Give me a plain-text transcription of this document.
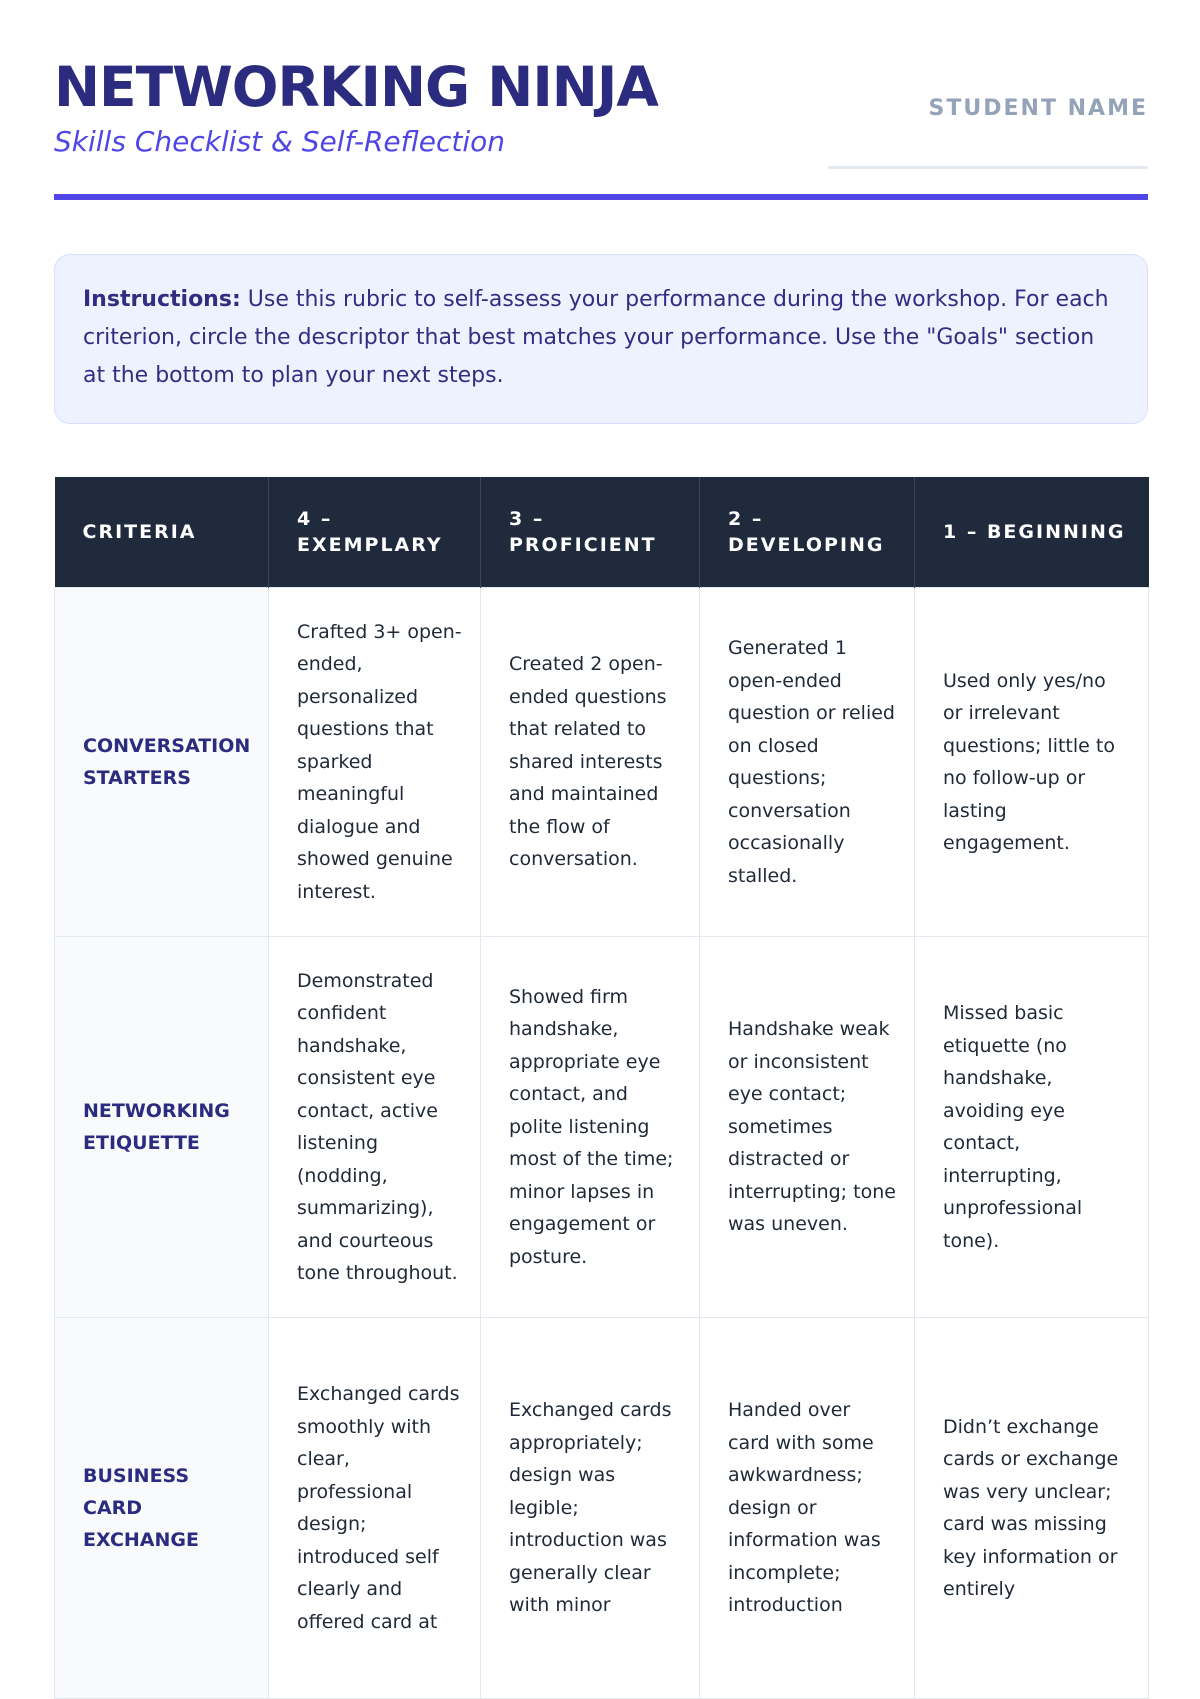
NETWORKING NINJA
Skills Checklist & Self-Reflection
STUDENT NAME
Instructions: Use this rubric to self-assess your performance during the workshop. For each criterion, circle the descriptor that best matches your performance. Use the "Goals" section at the bottom to plan your next steps.
CRITERIA	4 – EXEMPLARY	3 – PROFICIENT	2 – DEVELOPING	1 – BEGINNING
CONVERSATION STARTERS	Crafted 3+ open-ended, personalized questions that sparked meaningful dialogue and showed genuine interest.	Created 2 open-ended questions that related to shared interests and maintained the flow of conversation.	Generated 1 open-ended question or relied on closed questions; conversation occasionally stalled.	Used only yes/no or irrelevant questions; little to no follow-up or lasting engagement.
NETWORKING ETIQUETTE	Demonstrated confident handshake, consistent eye contact, active listening (nodding, summarizing), and courteous tone throughout.	Showed firm handshake, appropriate eye contact, and polite listening most of the time; minor lapses in engagement or posture.	Handshake weak or inconsistent eye contact; sometimes distracted or interrupting; tone was uneven.	Missed basic etiquette (no handshake, avoiding eye contact, interrupting, unprofessional tone).
BUSINESS CARD EXCHANGE	Exchanged cards smoothly with clear, professional design; introduced self clearly and offered card at	Exchanged cards appropriately; design was legible; introduction was generally clear with minor	Handed over card with some awkwardness; design or information was incomplete; introduction	Didn’t exchange cards or exchange was very unclear; card was missing key information or entirely
